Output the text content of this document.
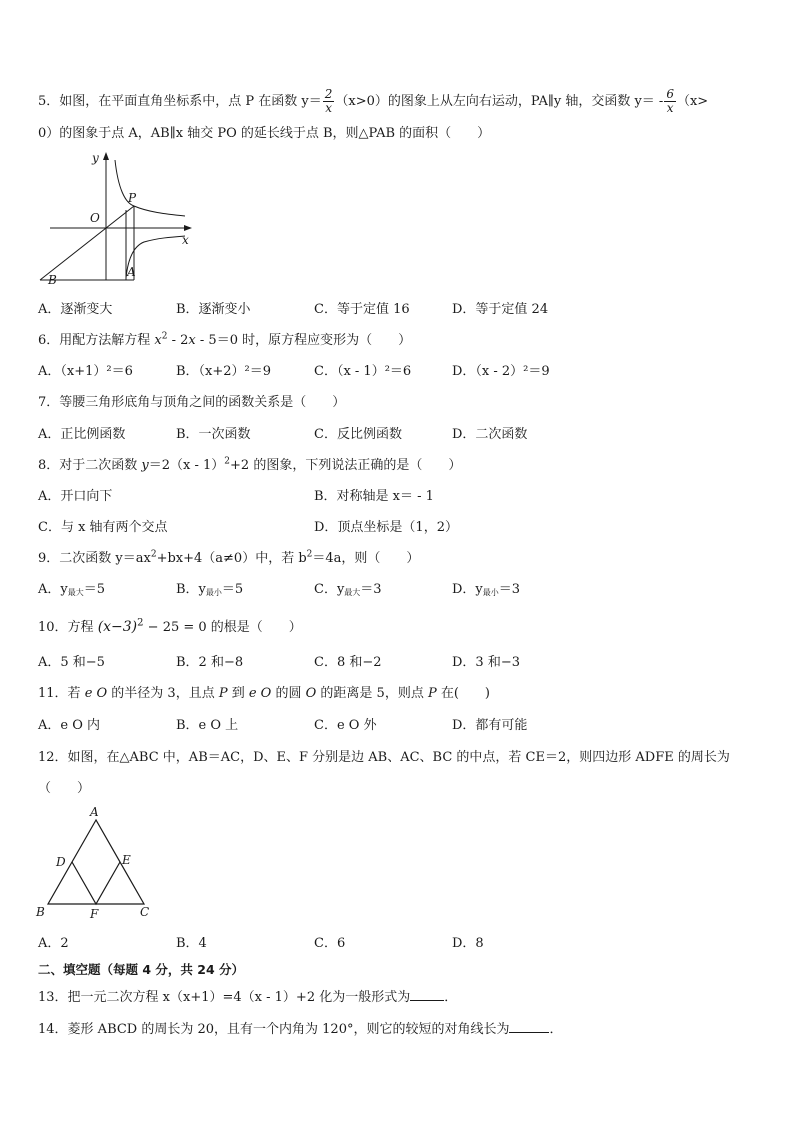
5．如图，在平面直角坐标系中，点 P 在函数 $y= \frac{2}{x} (x>0)$的图象上从左向右运动，PA∥y 轴，交函数 $y= - \frac{6}{x} (x>$
0）的图象于点 A，AB∥x 轴交 PO 的延长线于点 B，则△PAB 的面积（　　）
y
x
O
P
A
B
A．逐渐变大	B．逐渐变小	C．等于定值 16	D．等于定值 24
6．用配方法解方程 $x^2 - 2x - 5=0$ 时，原方程应变形为（　　）
A．（x+1）²＝6	B．（x+2）²＝9	C．（x - 1）²＝6	D．（x - 2）²＝9
7．等腰三角形底角与顶角之间的函数关系是（　　）
A．正比例函数	B．一次函数	C．反比例函数	D．二次函数
8．对于二次函数 y＝2（x - 1）$^2$+2 的图象，下列说法正确的是（　　）
A．开口向下	B．对称轴是 x＝ - 1
C．与 x 轴有两个交点	D．顶点坐标是（1，2）
9．二次函数 $y=ax^2+bx+4(a\ne 0)$中，若 $b^2=4a$，则（　　）
A．$y_{最大}=5$	B．$y_{最小}=5$	C．$y_{最大}=3$	D．$y_{最小}=3$
10．方程 $(x-3)^2 - 25 = 0$ 的根是（　　）
A．5 和−5	B．2 和−8	C．8 和−2	D．3 和−3
11．若 e O 的半径为 3，且点 P 到 e O 的圆 O 的距离是 5，则点 P 在(　　)
A．e O 内	B．e O 上	C．e O 外	D．都有可能
12．如图，在△ABC 中，AB＝AC，D、E、F 分别是边 AB、AC、BC 的中点，若 CE＝2，则四边形 ADFE 的周长为
（　　）
A
B	C
D	E
F
A．2	B．4	C．6	D．8
二、填空题（每题 4 分，共 24 分）
13．把一元二次方程 x（x+1）=4（x - 1）+2 化为一般形式为	．
14．菱形 ABCD 的周长为 20，且有一个内角为 120°，则它的较短的对角线长为	．
